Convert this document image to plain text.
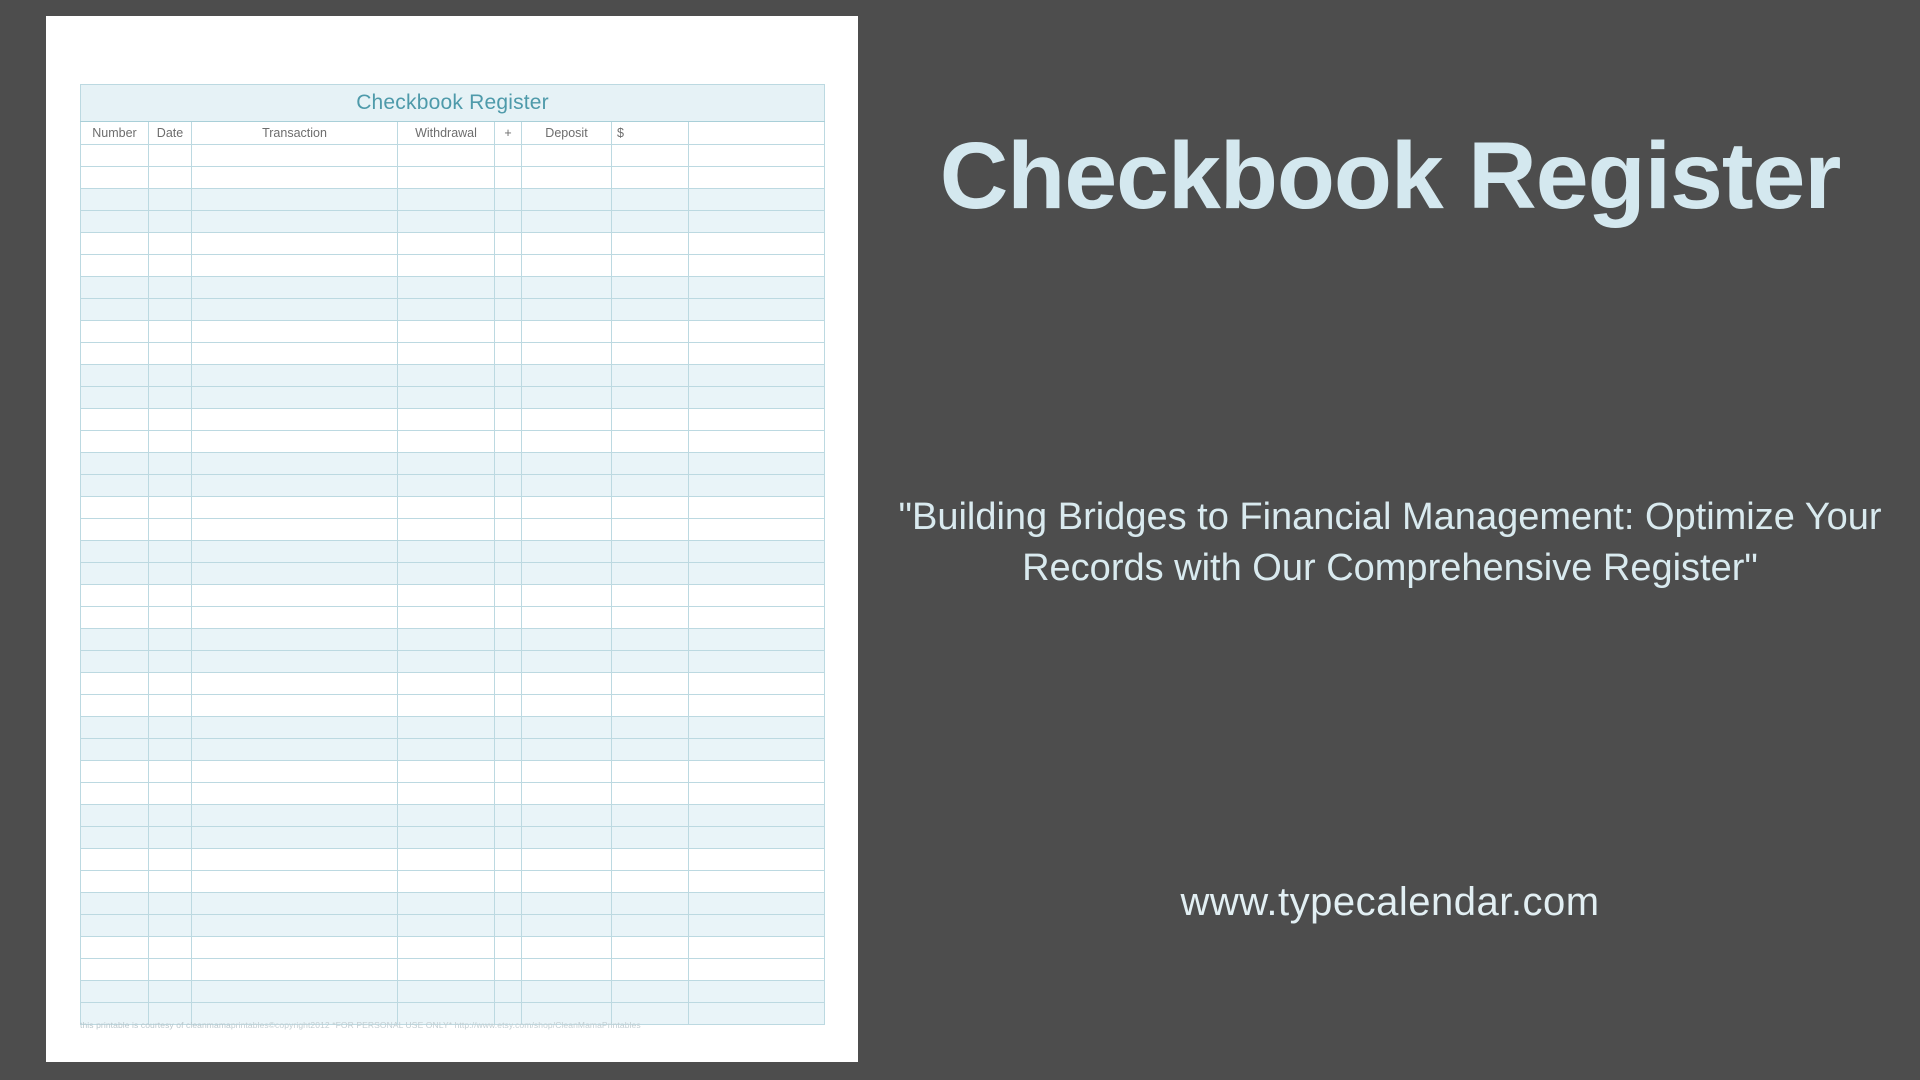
Checkbook Register							
Number	Date	Transaction	Withdrawal	+	Deposit	$	

this printable is courtesy of cleanmamaprintables©copyright2012 *FOR PERSONAL USE ONLY* http://www.etsy.com/shop/CleanMamaPrintables
Checkbook Register
"Building Bridges to Financial Management: Optimize Your Records with Our Comprehensive Register"
www.typecalendar.com
